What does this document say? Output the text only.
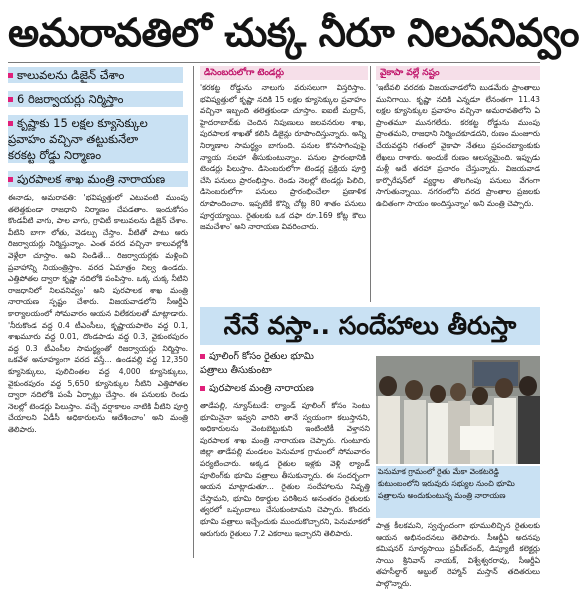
అమరావతిలో చుక్క నీరూ నిలవనివ్వం
కాలువలను డిజైన్ చేశాం
6 రిజర్వాయర్లు నిర్మిస్తాం
కృష్ణాకు 15 లక్షల క్యూసెక్కుల
ప్రవాహం వచ్చినా తట్టుకునేలా
కరకట్ట రోడ్డు నిర్మాణం
పురపాలక శాఖ మంత్రి నారాయణ

ఈనాడు, అమరావతి: 'భవిష్యత్తులో ఎటువంటి ముంపు తలెత్తకుండా రాజధాని నిర్మాణం చేపడతాం. ఇందుకోసం కొండవీటి వాగు, పాల వాగు, గ్రావిటీ కాలువలను డిజైన్ చేశాం. వీటిని బాగా లోతు, వెడల్పు చేస్తాం. వీటితో పాటు ఆరు రిజర్వాయర్లు నిర్మిస్తున్నాం. ఎంత వరద వచ్చినా కాలువల్లోకి వెళ్లేలా చూస్తాం. అవి నిండితే... రిజర్వాయర్లకు మళ్లించి ప్రవాహాన్ని నియంత్రిస్తాం. వరద ఏమాత్రం నిల్వ ఉండదు. ఎత్తిపోతల ద్వారా కృష్ణా నదిలోకి పంపిస్తాం. ఒక్క చుక్క నీటిని రాజధానిలో నిలవనివ్వం' అని పురపాలక శాఖ మంత్రి నారాయణ స్పష్టం చేశారు. విజయవాడలోని సీఆర్డీఏ కార్యాలయంలో సోమవారం ఆయన విలేకరులతో మాట్లాడారు. 'నీరుకొండ వద్ద 0.4 టీఎంసీలు, కృష్ణాయపాలెం వద్ద 0.1, శాఖమూరు వద్ద 0.01, దొండపాడు వద్ద 0.3, వైకుంఠపురం వద్ద 0.3 టీఎంసీల సామర్థ్యంతో రిజర్వాయర్లు నిర్మిస్తాం. ఒకవేళ అనూహ్యంగా వరద వస్తే... ఉండవల్లి వద్ద 12,350 క్యూసెక్కులు, పులిచింతల వద్ద 4,000 క్యూసెక్కులు, వైకుంఠపురం వద్ద 5,650 క్యూసెక్కుల నీటిని ఎత్తిపోతల ద్వారా నదిలోకి పంపే ఏర్పాట్లు చేస్తాం. ఈ పనులకు రెండు నెలల్లో టెండర్లు పిలుస్తాం. వచ్చే వర్షాకాలం నాటికి వీటిని పూర్తి చేయాలని ఏడీసీ అధికారులను ఆదేశించాం' అని మంత్రి తెలిపారు.

డిసెంబరులోగా టెండర్లు

'కరకట్ట రోడ్డును నాలుగు వరుసలుగా విస్తరిస్తాం. భవిష్యత్తులో కృష్ణా నదికి 15 లక్షల క్యూసెక్కుల ప్రవాహం వచ్చినా ఇబ్బంది తలెత్తకుండా చూస్తాం. ఐఐటీ మద్రాస్, హైదరాబాద్‌కు చెందిన నిపుణులు జలవనరుల శాఖ, పురపాలక శాఖతో కలిసి డిజైన్లు రూపొందిస్తున్నారు. అన్ని నిర్మాణాల సామర్థ్యం బాగుంది. పనుల కొనసాగింపుపై న్యాయ సలహా తీసుకుంటున్నాం. పనుల ప్రారంభానికి టెండర్లు పిలుస్తాం. డిసెంబరులోగా టెండర్ల ప్రక్రియ పూర్తి చేసి పనులు ప్రారంభిస్తాం. రెండు నెలల్లో టెండర్లు పిలిచి, డిసెంబరులోగా పనులు ప్రారంభించేలా ప్రణాళిక రూపొందించాం. ఇప్పటికే కొన్ని చోట్ల 80 శాతం పనులు పూర్తయ్యాయి. రైతులకు ఒక దఫా రూ.169 కోట్ల కౌలు జమచేశాం' అని నారాయణ వివరించారు.

వైకాపా వల్లే నష్టం

'ఇటీవలి వరదకు విజయవాడలోని బుడమేరు ప్రాంతాలు మునిగాయి. కృష్ణా నదికి ఎన్నడూ లేనంతగా 11.43 లక్షల క్యూసెక్కుల ప్రవాహం వచ్చినా అమరావతిలోని ఏ ప్రాంతమూ మునగలేదు. కరకట్ట రోడ్డును ముంపు ప్రాంతమని, రాజధాని నిర్మించకూడదని, రుణం మంజూరు చేయవద్దని గతంలో వైకాపా నేతలు ప్రపంచబ్యాంకుకు లేఖలు రాశారు. అందుకే రుణం ఆలస్యమైంది. ఇప్పుడు మళ్లీ అదే తరహా ప్రచారం చేస్తున్నారు. విజయవాడ కార్పొరేషన్‌లో వ్యర్థాల తొలగింపు పనులు వేగంగా సాగుతున్నాయి. నగరంలోని వరద ప్రాంతాల ప్రజలకు ఉచితంగా సాయం అందిస్తున్నాం' అని మంత్రి చెప్పారు.

నేనే వస్తా.. సందేహాలు తీరుస్తా
పూలింగ్ కోసం రైతుల భూమి
పత్రాలు తీసుకుంటా
పురపాలక మంత్రి నారాయణ

తాడేపల్లి, న్యూస్‌టుడే: ల్యాండ్ పూలింగ్ కోసం సెంటు భూమినైనా ఇవ్వని వారిని తానే స్వయంగా కలుస్తానని, అధికారులను వెంటబెట్టుకుని ఇంటింటికీ వెళ్తానని పురపాలక శాఖ మంత్రి నారాయణ చెప్పారు. గుంటూరు జిల్లా తాడేపల్లి మండలం పెనుమాక గ్రామంలో సోమవారం పర్యటించారు. అక్కడ రైతుల ఇళ్లకు వెళ్లి ల్యాండ్ పూలింగ్‌కు భూమి పత్రాలు తీసుకున్నారు. ఈ సందర్భంగా ఆయన మాట్లాడుతూ... రైతుల సందేహాలను నివృత్తి చేస్తామని, భూమి రికార్డుల పరిశీలన అనంతరం రైతులకు త్వరలో ఒప్పందాలు చేసుకుంటామని చెప్పారు. కొందరు భూమి పత్రాలు ఇచ్చేందుకు ముందుకొచ్చారని, పెనుమాకలో ఆరుగురు రైతులు 7.2 ఎకరాలు ఇచ్చారని తెలిపారు.

పెనుమాక గ్రామంలో రైతు మేకా వెంకటరెడ్డి కుటుంబంలోని ఇరువురు సభ్యుల నుంచి భూమి పత్రాలను అందుకుంటున్న మంత్రి నారాయణ

పాత్ర కీలకమని, స్వచ్ఛందంగా భూములిచ్చిన రైతులకు ఆయన అభినందనలు తెలిపారు. సీఆర్డీఏ అదనపు కమిషనర్ సూర్యసాయి ప్రవీణ్‌చంద్, డిప్యూటీ కలెక్టర్లు సాయి శ్రీనివాస్ నాయక్, విశ్వేశ్వరరావు, సీఆర్డీఏ తహసీల్దార్ అబ్దుల్ రెహ్మాన్ మస్తాన్ తదితరులు పాల్గొన్నారు.
